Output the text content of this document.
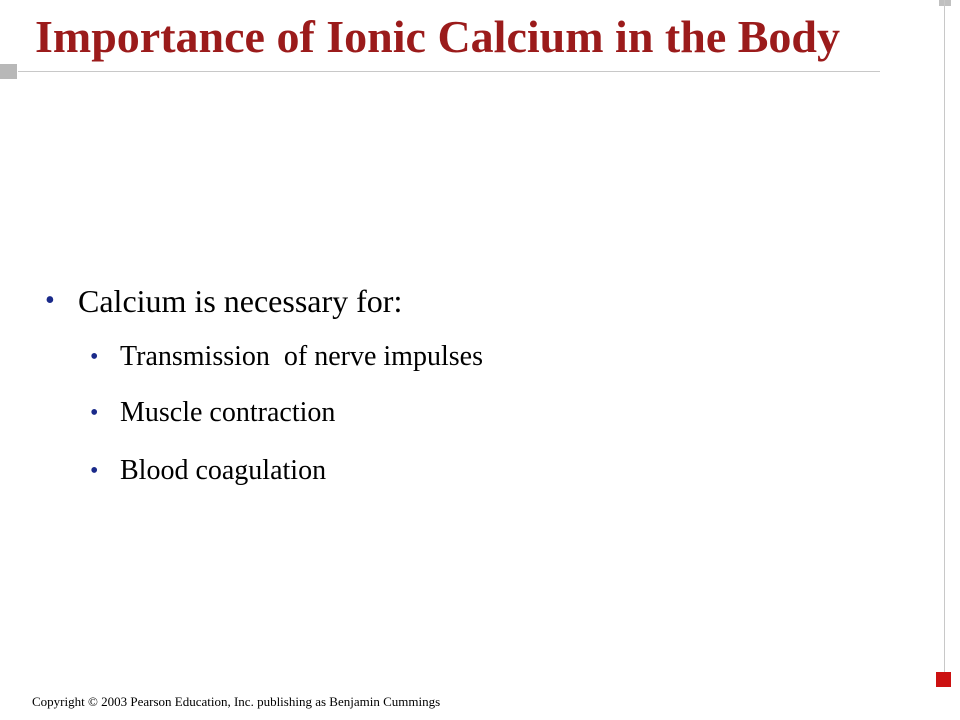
Importance of Ionic Calcium in the Body
• Calcium is necessary for:
• Transmission  of nerve impulses
• Muscle contraction
• Blood coagulation
Copyright © 2003 Pearson Education, Inc. publishing as Benjamin Cummings
